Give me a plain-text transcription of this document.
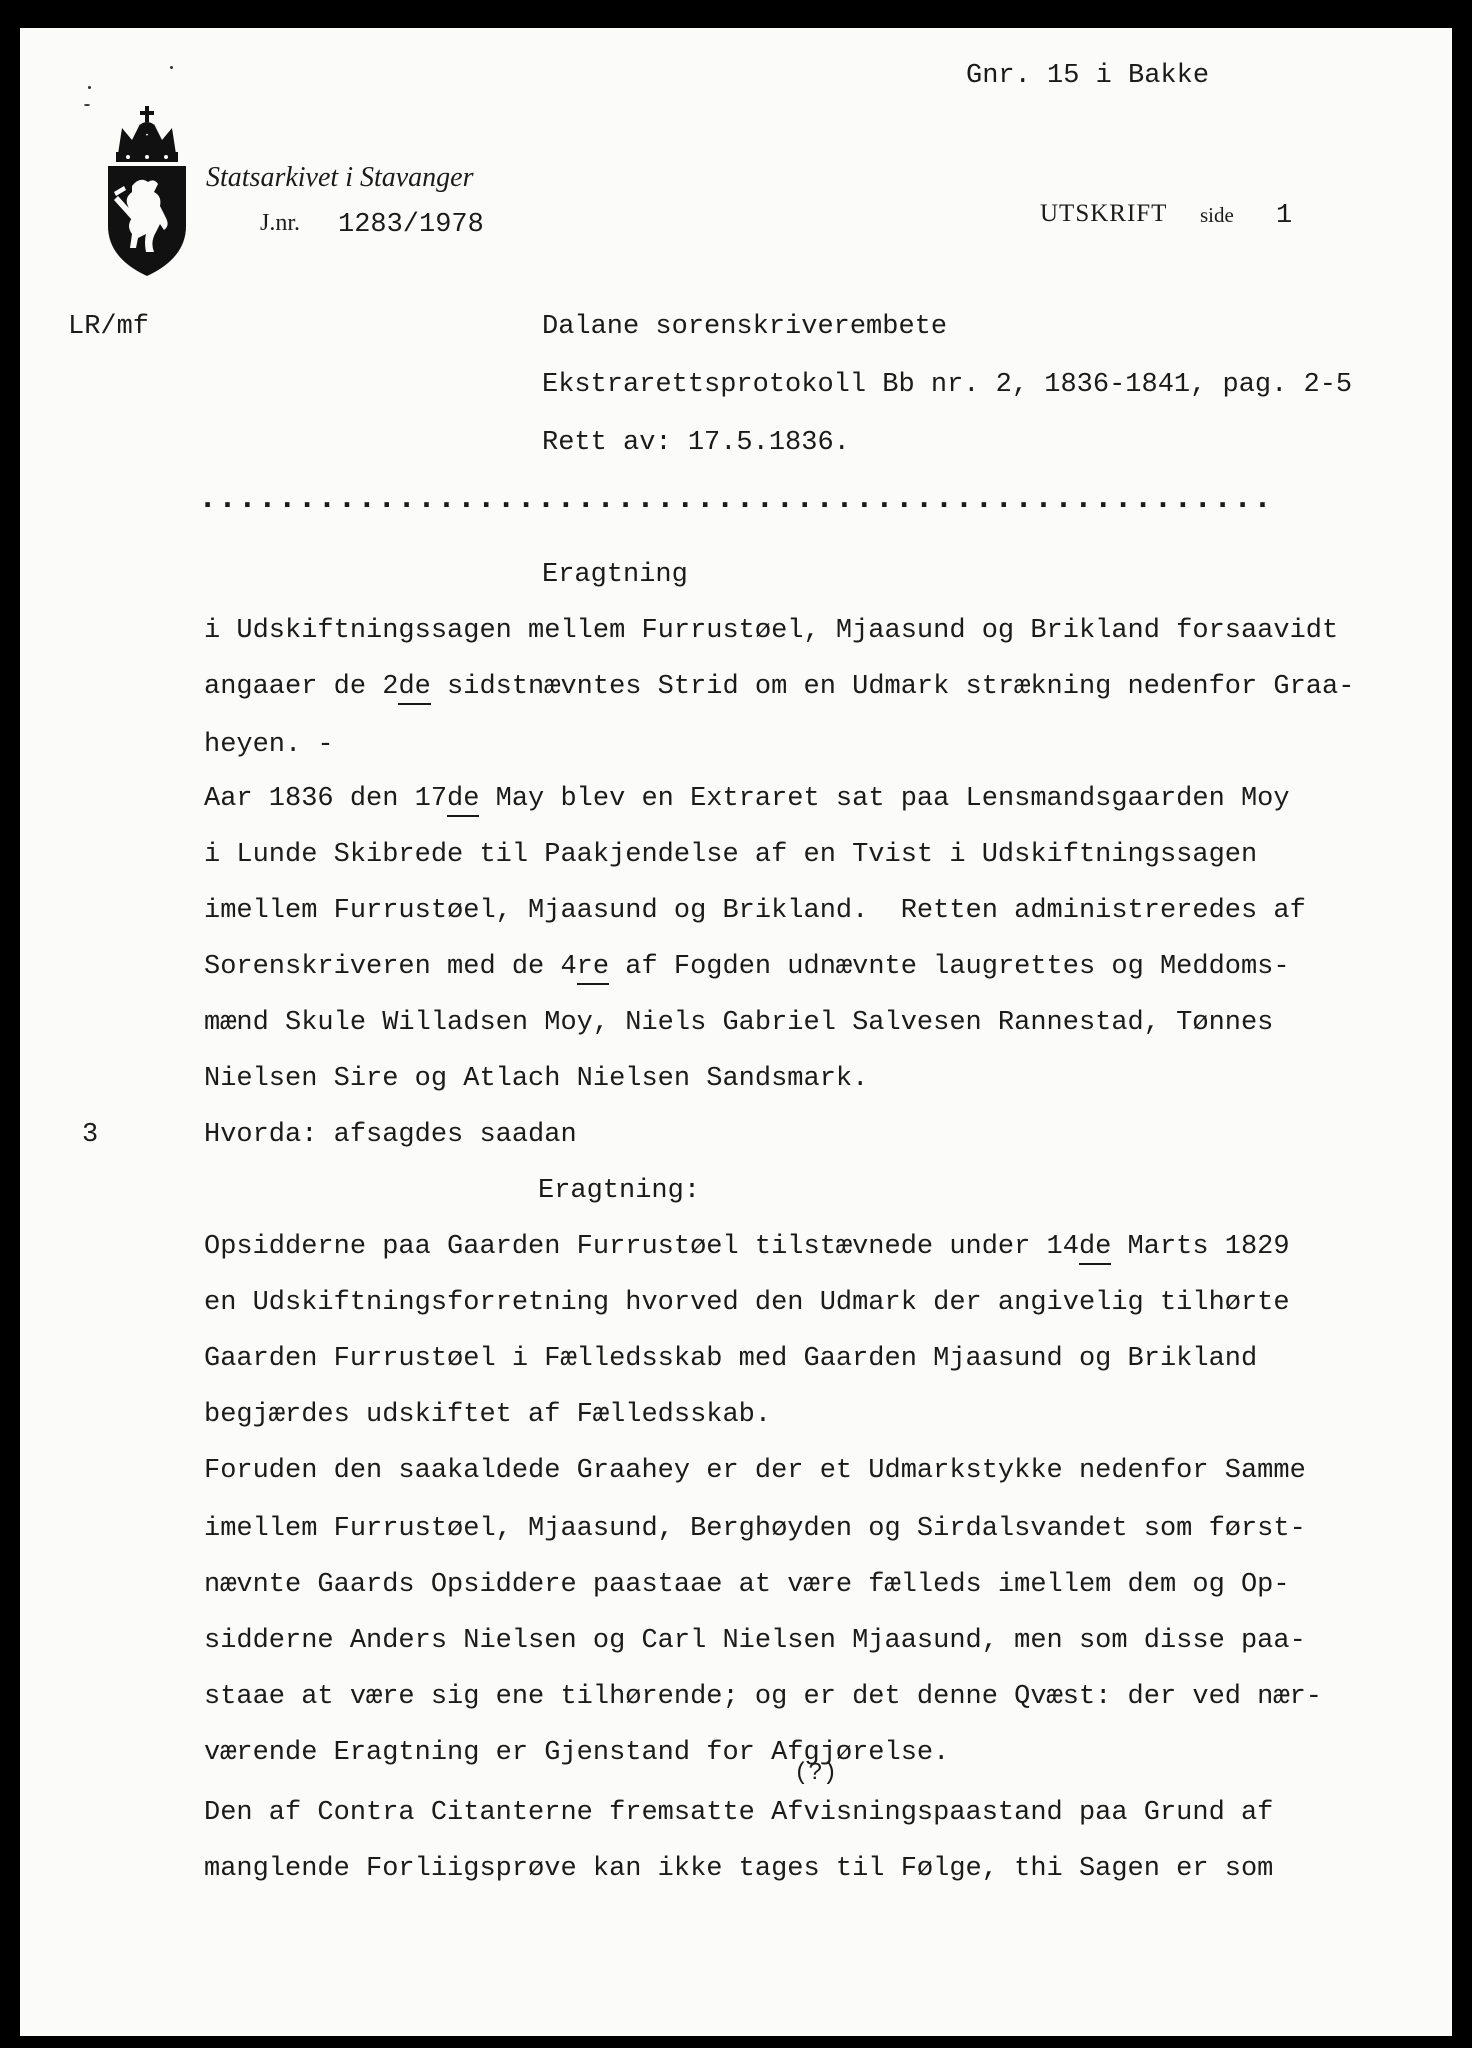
Gnr. 15 i Bakke
Statsarkivet i Stavanger
J.nr. 1283/1978	UTSKRIFT side 1
LR/mf	Dalane sorenskriverembete
Ekstrarettsprotokoll Bb nr. 2, 1836-1841, pag. 2-5
Rett av: 17.5.1836.
......................................................
3
(?)
Eragtning
i Udskiftningssagen mellem Furrustøel, Mjaasund og Brikland forsaavidt
angaaer de 2de sidstnævntes Strid om en Udmark strækning nedenfor Graa-
heyen. -
Aar 1836 den 17de May blev en Extraret sat paa Lensmandsgaarden Moy
i Lunde Skibrede til Paakjendelse af en Tvist i Udskiftningssagen
imellem Furrustøel, Mjaasund og Brikland.  Retten administreredes af
Sorenskriveren med de 4re af Fogden udnævnte laugrettes og Meddoms-
mænd Skule Willadsen Moy, Niels Gabriel Salvesen Rannestad, Tønnes
Nielsen Sire og Atlach Nielsen Sandsmark.
Hvorda: afsagdes saadan
Eragtning:
Opsidderne paa Gaarden Furrustøel tilstævnede under 14de Marts 1829
en Udskiftningsforretning hvorved den Udmark der angivelig tilhørte
Gaarden Furrustøel i Fælledsskab med Gaarden Mjaasund og Brikland
begjærdes udskiftet af Fælledsskab.
Foruden den saakaldede Graahey er der et Udmarkstykke nedenfor Samme
imellem Furrustøel, Mjaasund, Berghøyden og Sirdalsvandet som først-
nævnte Gaards Opsiddere paastaae at være fælleds imellem dem og Op-
sidderne Anders Nielsen og Carl Nielsen Mjaasund, men som disse paa-
staae at være sig ene tilhørende; og er det denne Qvæst: der ved nær-
værende Eragtning er Gjenstand for Afgjørelse.
Den af Contra Citanterne fremsatte Afvisningspaastand paa Grund af
manglende Forliigsprøve kan ikke tages til Følge, thi Sagen er som
